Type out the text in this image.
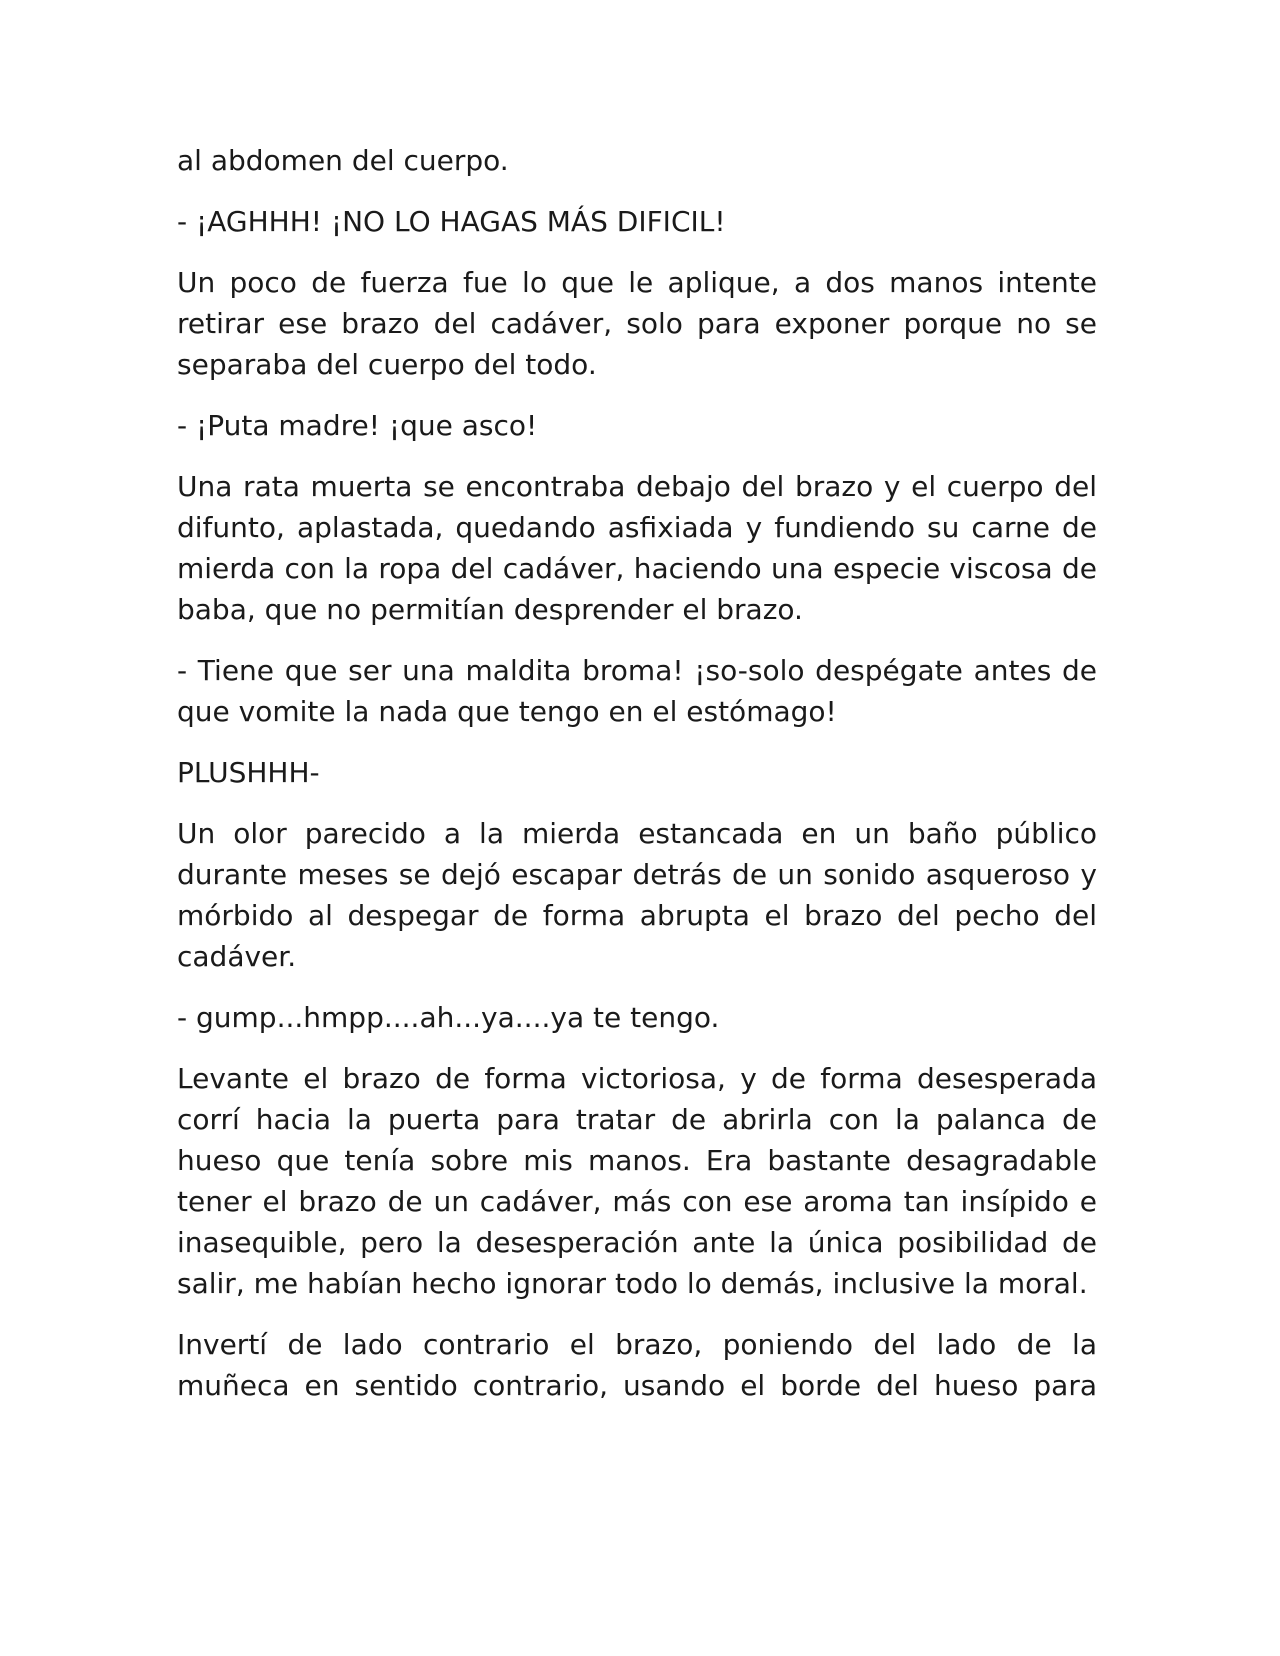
al abdomen del cuerpo.

- ¡AGHHH! ¡NO LO HAGAS MÁS DIFICIL!

Un poco de fuerza fue lo que le aplique, a dos manos intente retirar ese brazo del cadáver, solo para exponer porque no se separaba del cuerpo del todo.

- ¡Puta madre! ¡que asco!

Una rata muerta se encontraba debajo del brazo y el cuerpo del difunto, aplastada, quedando asfixiada y fundiendo su carne de mierda con la ropa del cadáver, haciendo una especie viscosa de baba, que no permitían desprender el brazo.

- Tiene que ser una maldita broma! ¡so-solo despégate antes de que vomite la nada que tengo en el estómago!

PLUSHHH-

Un olor parecido a la mierda estancada en un baño público durante meses se dejó escapar detrás de un sonido asqueroso y mórbido al despegar de forma abrupta el brazo del pecho del cadáver.

- gump...hmpp....ah...ya....ya te tengo.

Levante el brazo de forma victoriosa, y de forma desesperada corrí hacia la puerta para tratar de abrirla con la palanca de hueso que tenía sobre mis manos. Era bastante desagradable tener el brazo de un cadáver, más con ese aroma tan insípido e inasequible, pero la desesperación ante la única posibilidad de salir, me habían hecho ignorar todo lo demás, inclusive la moral.

Invertí de lado contrario el brazo, poniendo del lado de la muñeca en sentido contrario, usando el borde del hueso para
